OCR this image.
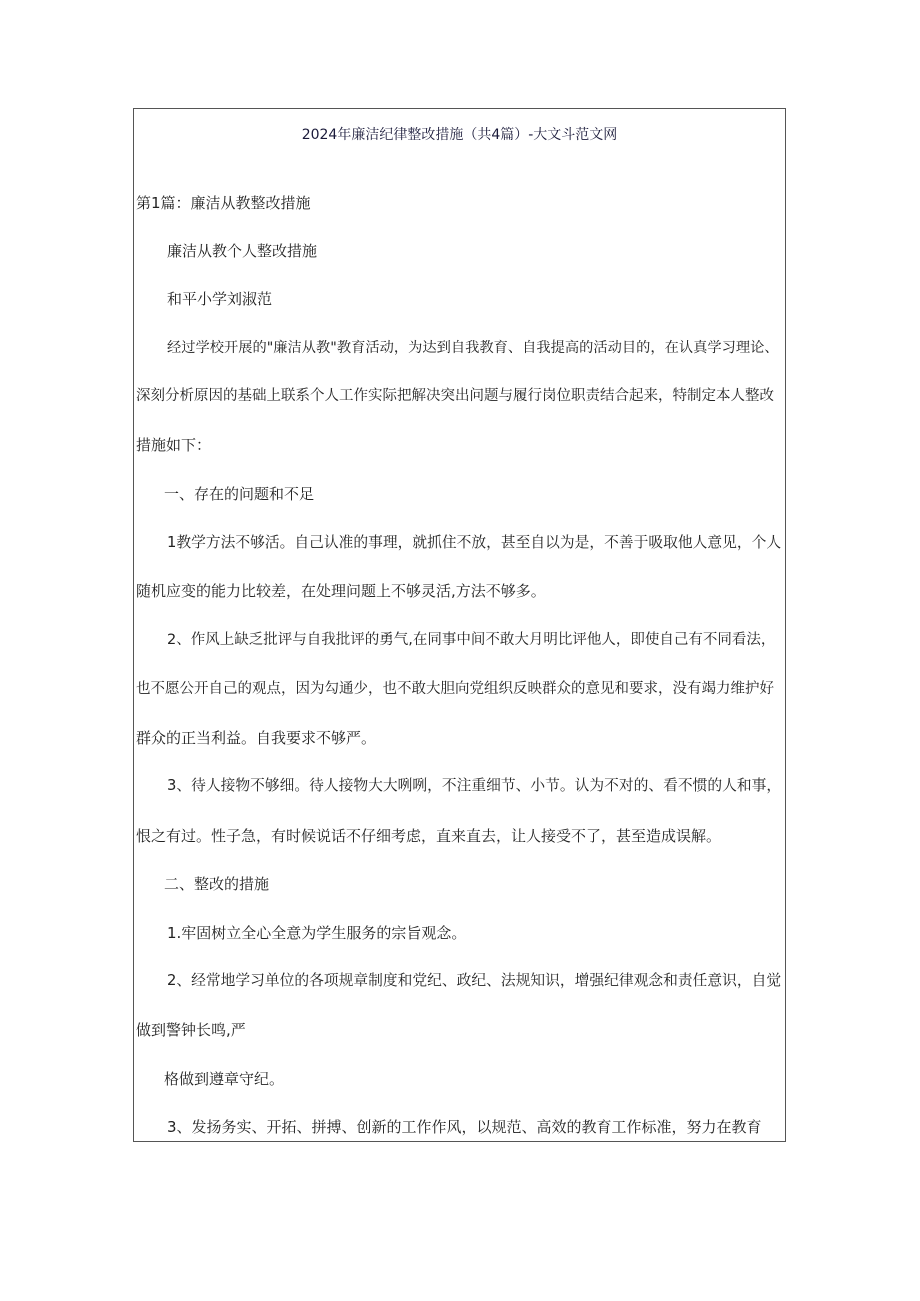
2024年廉洁纪律整改措施（共4篇）-大文斗范文网
第1篇：廉洁从教整改措施
廉洁从教个人整改措施
和平小学刘淑范
经过学校开展的"廉洁从教"教育活动，为达到自我教育、自我提高的活动目的，在认真学习理论、
深刻分析原因的基础上联系个人工作实际把解决突出问题与履行岗位职责结合起来，特制定本人整改
措施如下：
一、存在的问题和不足
1教学方法不够活。自己认准的事理，就抓住不放，甚至自以为是，不善于吸取他人意见，个人
随机应变的能力比较差，在处理问题上不够灵活,方法不够多。
2、作风上缺乏批评与自我批评的勇气,在同事中间不敢大月明比评他人，即使自己有不同看法，
也不愿公开自己的观点，因为勾通少，也不敢大胆向党组织反映群众的意见和要求，没有竭力维护好
群众的正当利益。自我要求不够严。
3、待人接物不够细。待人接物大大咧咧，不注重细节、小节。认为不对的、看不惯的人和事，
恨之有过。性子急，有时候说话不仔细考虑，直来直去，让人接受不了，甚至造成误解。
二、整改的措施
1.牢固树立全心全意为学生服务的宗旨观念。
2、经常地学习单位的各项规章制度和党纪、政纪、法规知识，增强纪律观念和责任意识，自觉
做到警钟长鸣,严
格做到遵章守纪。
3、发扬务实、开拓、拼搏、创新的工作作风，以规范、高效的教育工作标准，努力在教育
